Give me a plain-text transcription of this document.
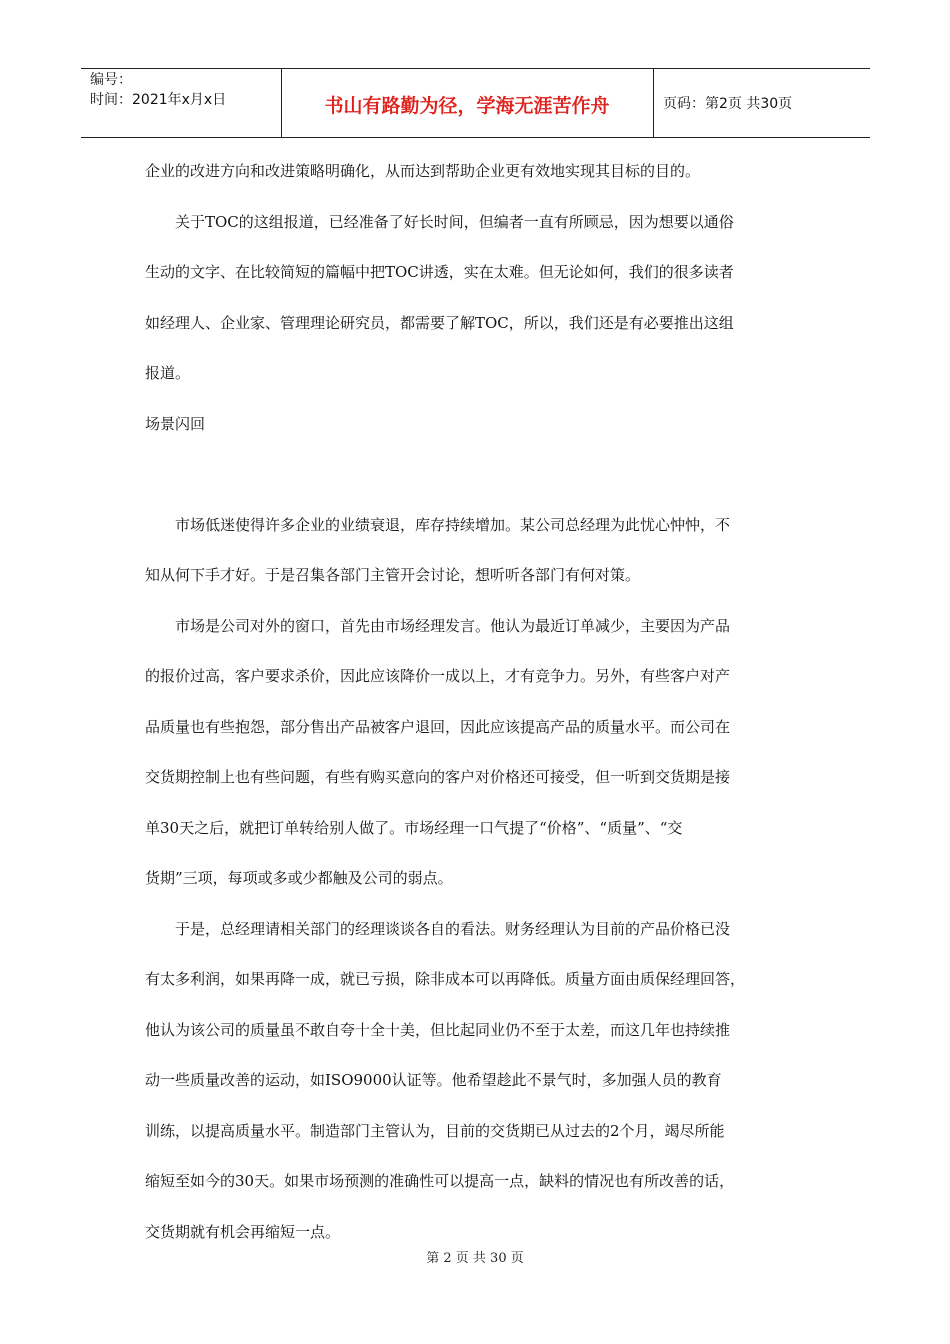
编号：
时间：2021年x月x日	书山有路勤为径，学海无涯苦作舟	页码：第2页 共30页
企业的改进方向和改进策略明确化，从而达到帮助企业更有效地实现其目标的目的。
　　关于TOC的这组报道，已经准备了好长时间，但编者一直有所顾忌，因为想要以通俗
生动的文字、在比较简短的篇幅中把TOC讲透，实在太难。但无论如何，我们的很多读者
如经理人、企业家、管理理论研究员，都需要了解TOC，所以，我们还是有必要推出这组
报道。
场景闪回
　　市场低迷使得许多企业的业绩衰退，库存持续增加。某公司总经理为此忧心忡忡，不
知从何下手才好。于是召集各部门主管开会讨论，想听听各部门有何对策。
　　市场是公司对外的窗口，首先由市场经理发言。他认为最近订单减少，主要因为产品
的报价过高，客户要求杀价，因此应该降价一成以上，才有竞争力。另外，有些客户对产
品质量也有些抱怨，部分售出产品被客户退回，因此应该提高产品的质量水平。而公司在
交货期控制上也有些问题，有些有购买意向的客户对价格还可接受，但一听到交货期是接
单30天之后，就把订单转给别人做了。市场经理一口气提了“价格”、“质量”、“交
货期”三项，每项或多或少都触及公司的弱点。
　　于是，总经理请相关部门的经理谈谈各自的看法。财务经理认为目前的产品价格已没
有太多利润，如果再降一成，就已亏损，除非成本可以再降低。质量方面由质保经理回答，
他认为该公司的质量虽不敢自夸十全十美，但比起同业仍不至于太差，而这几年也持续推
动一些质量改善的运动，如ISO9000认证等。他希望趁此不景气时，多加强人员的教育
训练，以提高质量水平。制造部门主管认为，目前的交货期已从过去的2个月，竭尽所能
缩短至如今的30天。如果市场预测的准确性可以提高一点，缺料的情况也有所改善的话，
交货期就有机会再缩短一点。
第 2 页 共 30 页
